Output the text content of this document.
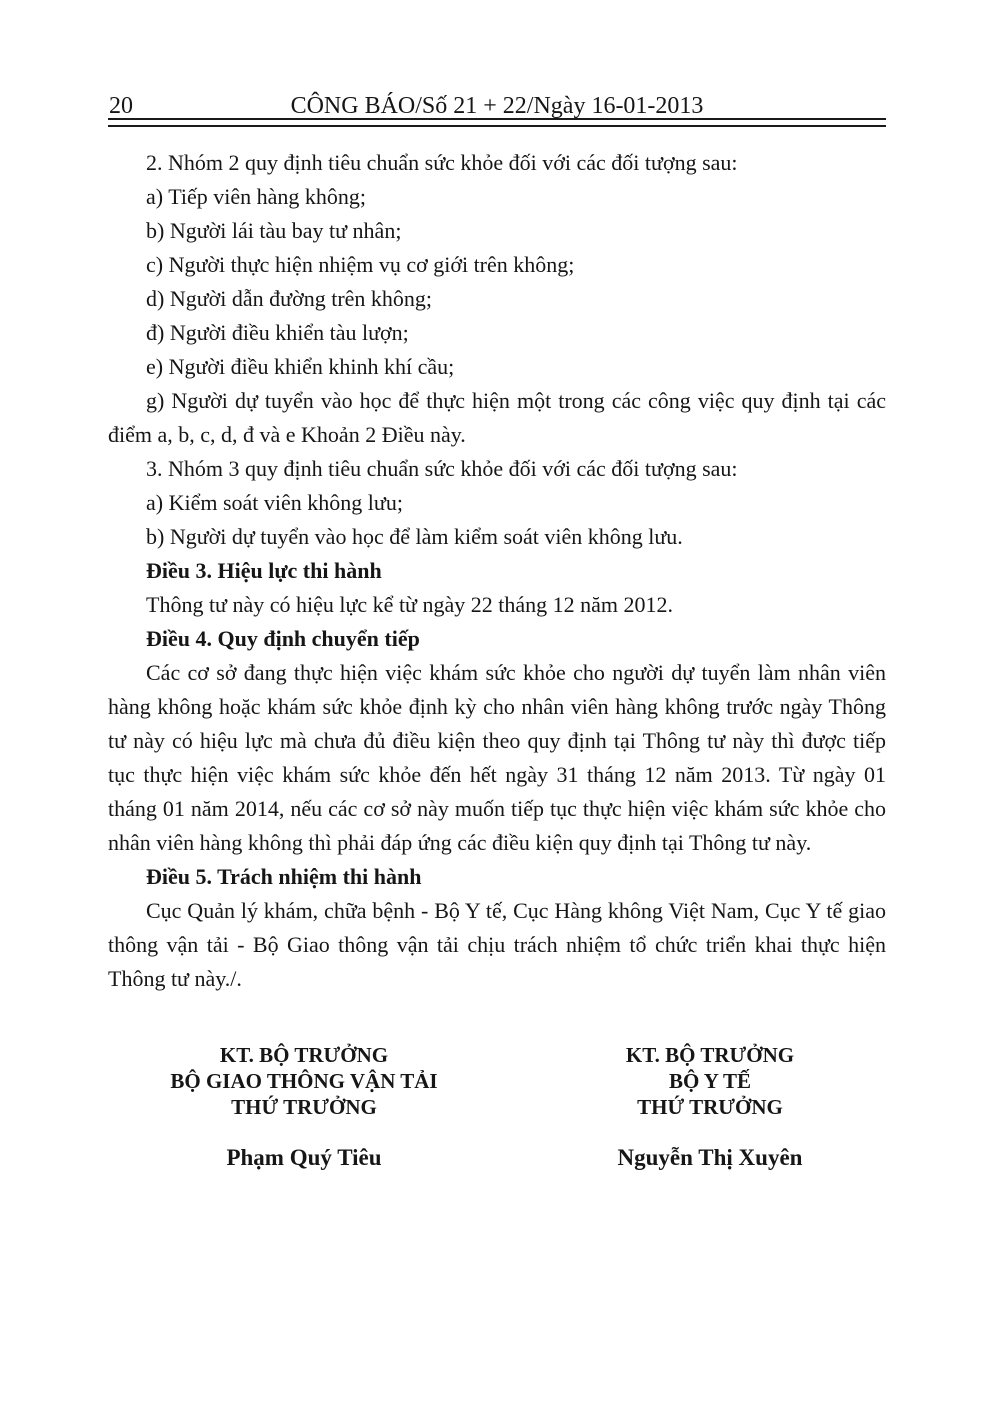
20	CÔNG BÁO/Số 21 + 22/Ngày 16-01-2013

2. Nhóm 2 quy định tiêu chuẩn sức khỏe đối với các đối tượng sau:

a) Tiếp viên hàng không;

b) Người lái tàu bay tư nhân;

c) Người thực hiện nhiệm vụ cơ giới trên không;

d) Người dẫn đường trên không;

đ) Người điều khiển tàu lượn;

e) Người điều khiển khinh khí cầu;

g) Người dự tuyển vào học để thực hiện một trong các công việc quy định tại các điểm a, b, c, d, đ và e Khoản 2 Điều này.

3. Nhóm 3 quy định tiêu chuẩn sức khỏe đối với các đối tượng sau:

a) Kiểm soát viên không lưu;

b) Người dự tuyển vào học để làm kiểm soát viên không lưu.

Điều 3. Hiệu lực thi hành

Thông tư này có hiệu lực kể từ ngày 22 tháng 12 năm 2012.

Điều 4. Quy định chuyển tiếp

Các cơ sở đang thực hiện việc khám sức khỏe cho người dự tuyển làm nhân viên hàng không hoặc khám sức khỏe định kỳ cho nhân viên hàng không trước ngày Thông tư này có hiệu lực mà chưa đủ điều kiện theo quy định tại Thông tư này thì được tiếp tục thực hiện việc khám sức khỏe đến hết ngày 31 tháng 12 năm 2013. Từ ngày 01 tháng 01 năm 2014, nếu các cơ sở này muốn tiếp tục thực hiện việc khám sức khỏe cho nhân viên hàng không thì phải đáp ứng các điều kiện quy định tại Thông tư này.

Điều 5. Trách nhiệm thi hành

Cục Quản lý khám, chữa bệnh - Bộ Y tế, Cục Hàng không Việt Nam, Cục Y tế giao thông vận tải - Bộ Giao thông vận tải chịu trách nhiệm tổ chức triển khai thực hiện Thông tư này./.

KT. BỘ TRƯỞNG
BỘ GIAO THÔNG VẬN TẢI
THỨ TRƯỞNG
Phạm Quý Tiêu
KT. BỘ TRƯỞNG
BỘ Y TẾ
THỨ TRƯỞNG
Nguyễn Thị Xuyên
